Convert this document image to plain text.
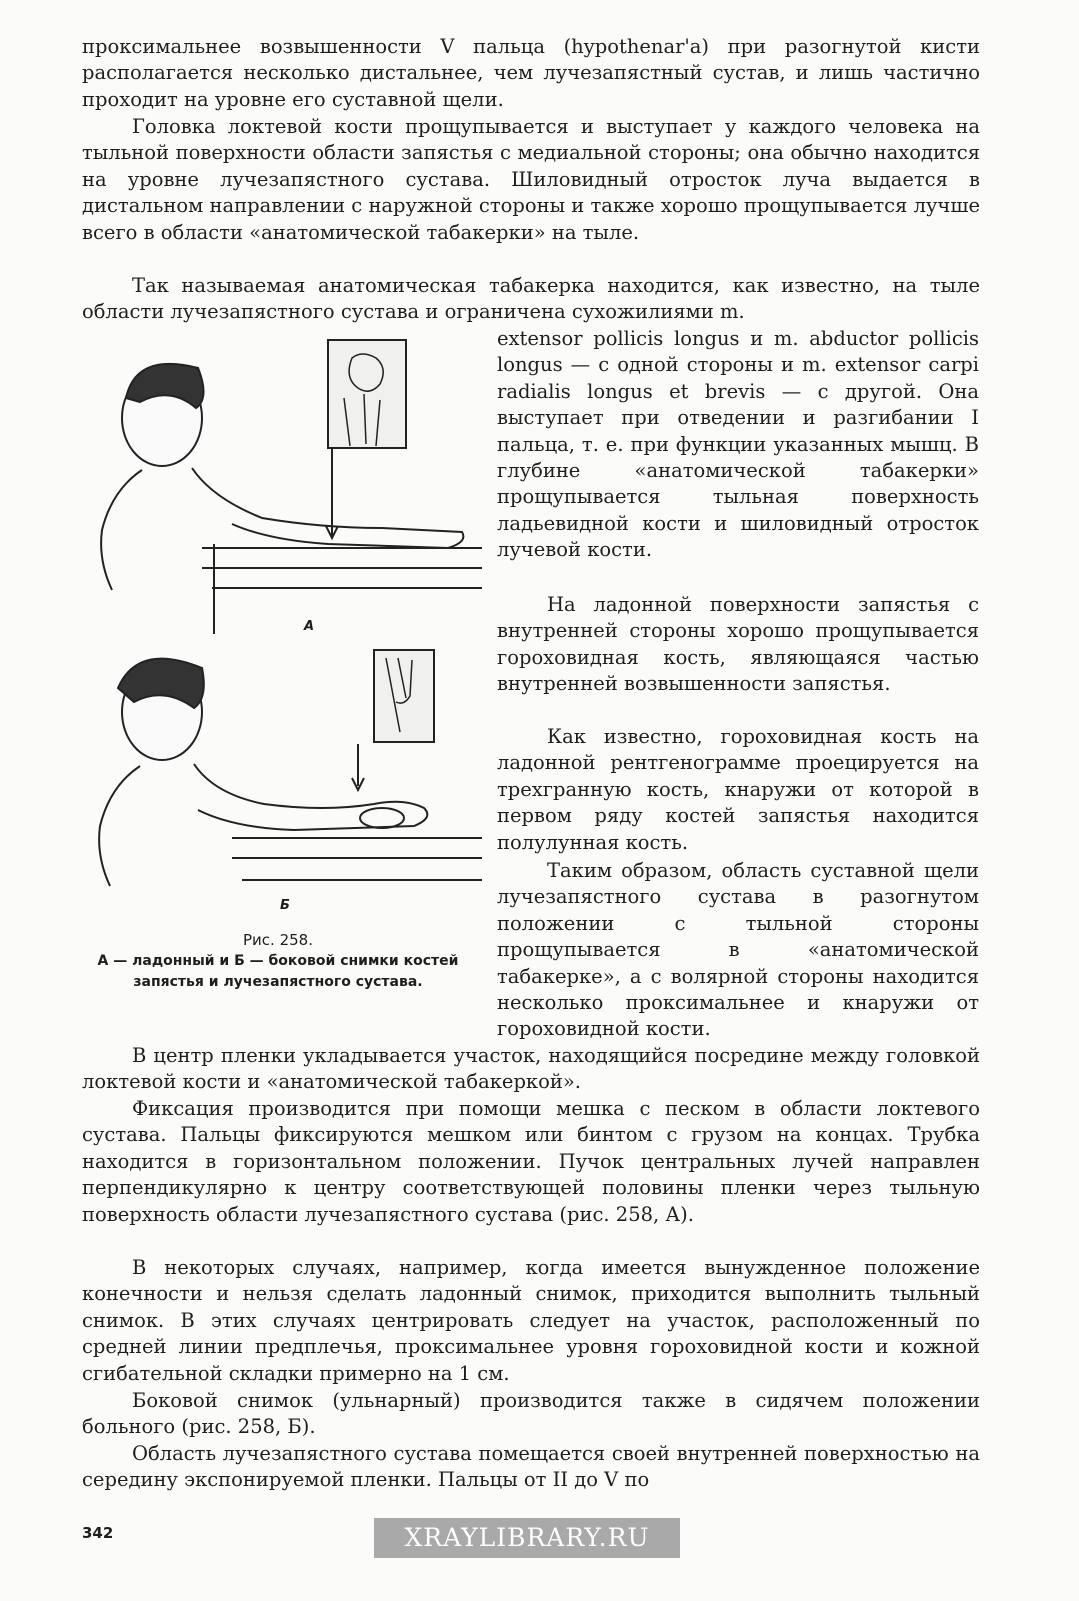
проксимальнее возвышенности V пальца (hypothenar'а) при разогнутой кисти располагается несколько дистальнее, чем лучезапястный сустав, и лишь частично проходит на уровне его суставной щели.

Головка локтевой кости прощупывается и выступает у каждого человека на тыльной поверхности области запястья с медиальной стороны; она обычно находится на уровне лучезапястного сустава. Шиловидный отросток луча выдается в дистальном направлении с наружной стороны и также хорошо прощупывается лучше всего в области «анатомической табакерки» на тыле.

Так называемая анатомическая табакерка находится, как известно, на тыле области лучезапястного сустава и ограничена сухожилиями m.

extensor pollicis longus и m. abductor pollicis longus — с одной стороны и m. extensor carpi radialis longus et brevis — с другой. Она выступает при отведении и разгибании I пальца, т. е. при функции указанных мышц. В глубине «анатомической табакерки» прощупывается тыльная поверхность ладьевидной кости и шиловидный отросток лучевой кости.

На ладонной поверхности запястья с внутренней стороны хорошо прощупывается гороховидная кость, являющаяся частью внутренней возвышенности запястья.

Как известно, гороховидная кость на ладонной рентгенограмме проецируется на трехгранную кость, кнаружи от которой в первом ряду костей запястья находится полулунная кость.

Таким образом, область суставной щели лучезапястного сустава в разогнутом положении с тыльной стороны прощупывается в «анатомической табакерке», а с волярной стороны находится несколько проксимальнее и кнаружи от гороховидной кости.

А
Б
Рис. 258.
А — ладонный и Б — боковой снимки костей запястья и лучезапястного сустава.

В центр пленки укладывается участок, находящийся посредине между головкой локтевой кости и «анатомической табакеркой».

Фиксация производится при помощи мешка с песком в области локтевого сустава. Пальцы фиксируются мешком или бинтом с грузом на концах. Трубка находится в горизонтальном положении. Пучок центральных лучей направлен перпендикулярно к центру соответствующей половины пленки через тыльную поверхность области лучезапястного сустава (рис. 258, А).

В некоторых случаях, например, когда имеется вынужденное положение конечности и нельзя сделать ладонный снимок, приходится выполнить тыльный снимок. В этих случаях центрировать следует на участок, расположенный по средней линии предплечья, проксимальнее уровня гороховидной кости и кожной сгибательной складки примерно на 1 см.

Боковой снимок (ульнарный) производится также в сидячем положении больного (рис. 258, Б).

Область лучезапястного сустава помещается своей внутренней поверхностью на середину экспонируемой пленки. Пальцы от II до V по

342	XRAYLIBRARY.RU
